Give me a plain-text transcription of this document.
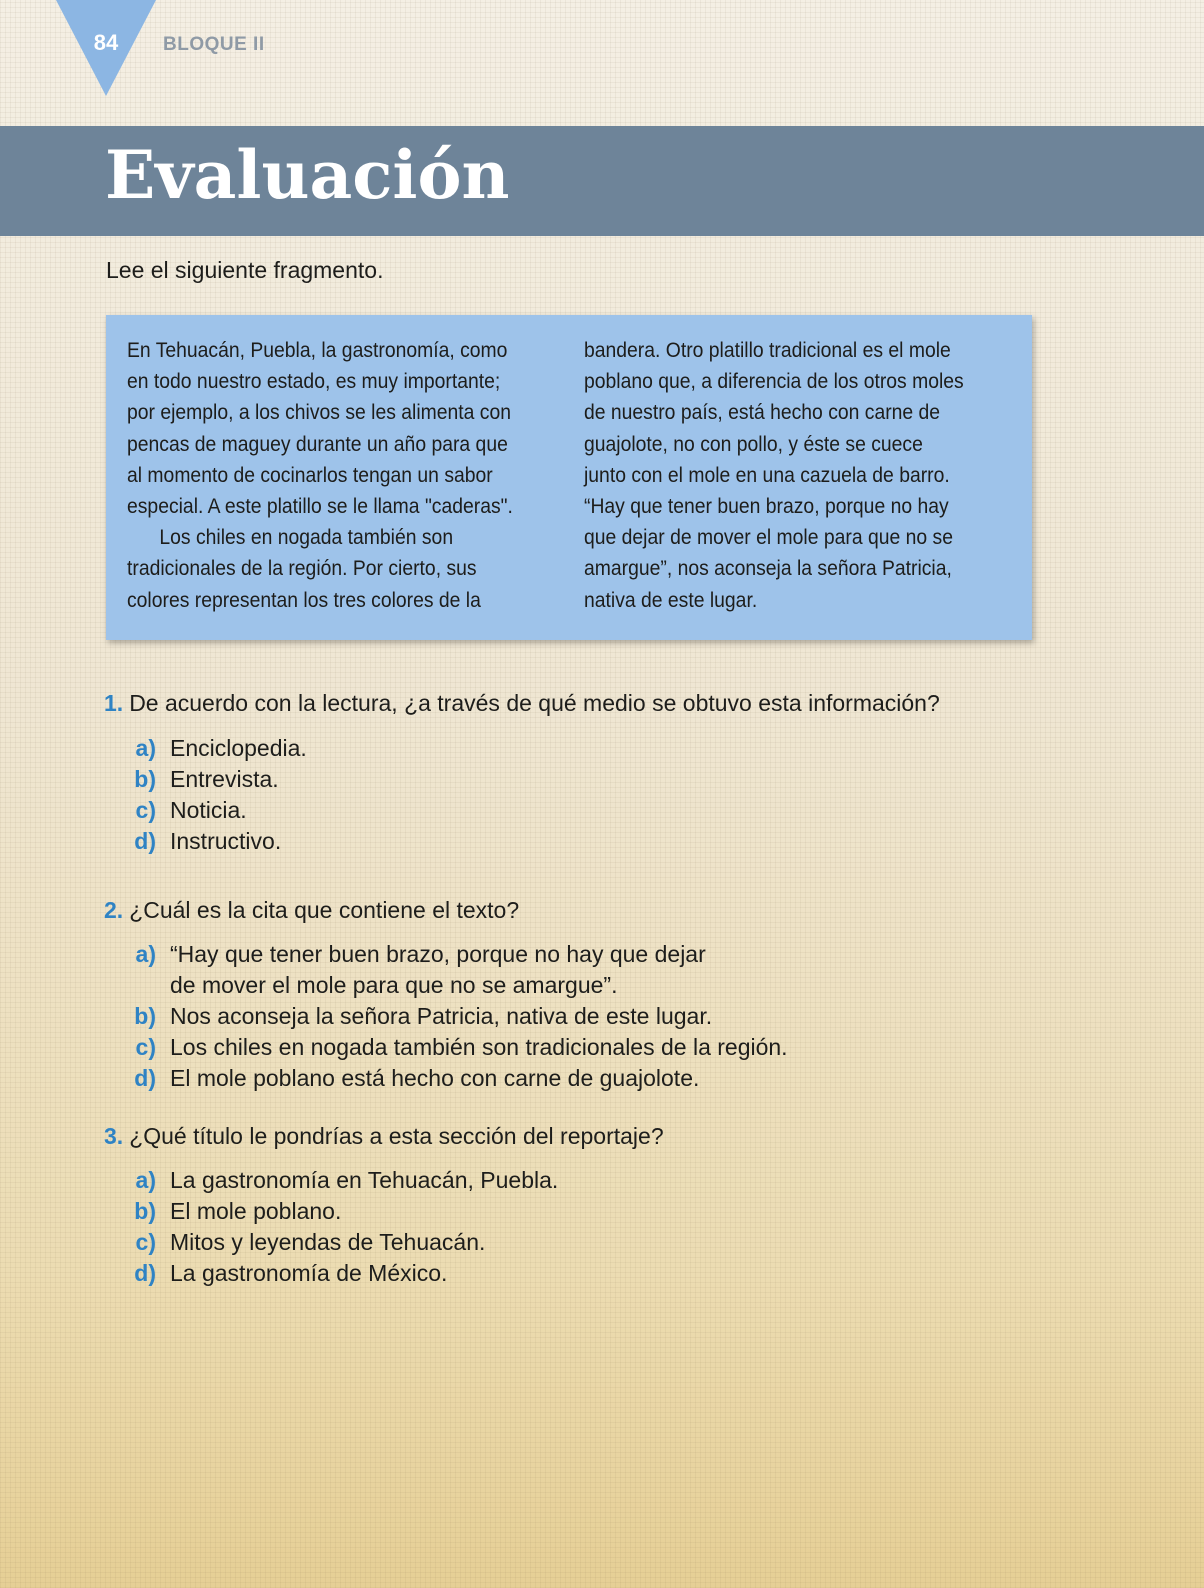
84	BLOQUE II
Evaluación
Lee el siguiente fragmento.

En Tehuacán, Puebla, la gastronomía, como

en todo nuestro estado, es muy importante;

por ejemplo, a los chivos se les alimenta con

pencas de maguey durante un año para que

al momento de cocinarlos tengan un sabor

especial. A este platillo se le llama "caderas".

Los chiles en nogada también son

tradicionales de la región. Por cierto, sus

colores representan los tres colores de la

bandera. Otro platillo tradicional es el mole

poblano que, a diferencia de los otros moles

de nuestro país, está hecho con carne de

guajolote, no con pollo, y éste se cuece

junto con el mole en una cazuela de barro.

“Hay que tener buen brazo, porque no hay

que dejar de mover el mole para que no se

amargue”, nos aconseja la señora Patricia,

nativa de este lugar.

1. De acuerdo con la lectura, ¿a través de qué medio se obtuvo esta información?
a) Enciclopedia.
b) Entrevista.
c) Noticia.
d) Instructivo.
2. ¿Cuál es la cita que contiene el texto?
a) “Hay que tener buen brazo, porque no hay que dejar
de mover el mole para que no se amargue”.
b) Nos aconseja la señora Patricia, nativa de este lugar.
c) Los chiles en nogada también son tradicionales de la región.
d) El mole poblano está hecho con carne de guajolote.
3. ¿Qué título le pondrías a esta sección del reportaje?
a) La gastronomía en Tehuacán, Puebla.
b) El mole poblano.
c) Mitos y leyendas de Tehuacán.
d) La gastronomía de México.
